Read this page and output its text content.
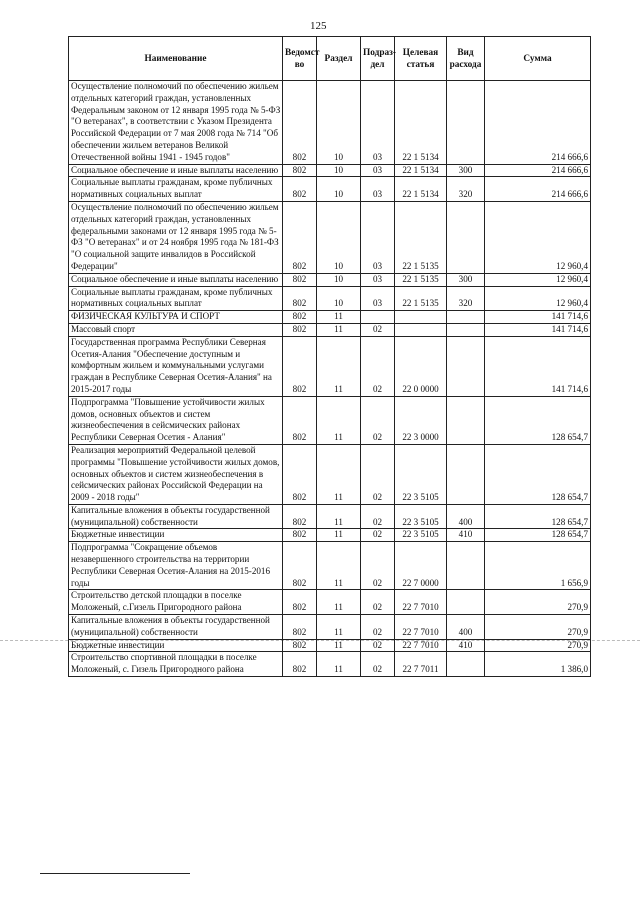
125
Наименование	Ведомст во	Раздел	Подраз- дел	Целевая статья	Вид расхода	Сумма
Осуществление полномочий по обеспечению жильем отдельных категорий граждан, установленных Федеральным законом от 12 января 1995 года № 5-ФЗ "О ветеранах", в соответствии с Указом Президента Российской Федерации от 7 мая 2008 года № 714 "Об обеспечении жильем ветеранов Великой Отечественной войны 1941 - 1945 годов"	802	10	03	22 1 5134		214 666,6
Социальное обеспечение и иные выплаты населению	802	10	03	22 1 5134	300	214 666,6
Социальные выплаты гражданам, кроме публичных нормативных социальных выплат	802	10	03	22 1 5134	320	214 666,6
Осуществление полномочий по обеспечению жильем отдельных категорий граждан, установленных федеральными законами от 12 января 1995 года № 5-ФЗ "О ветеранах" и от 24 ноября 1995 года № 181-ФЗ "О социальной защите инвалидов в Российской Федерации"	802	10	03	22 1 5135		12 960,4
Социальное обеспечение и иные выплаты населению	802	10	03	22 1 5135	300	12 960,4
Социальные выплаты гражданам, кроме публичных нормативных социальных выплат	802	10	03	22 1 5135	320	12 960,4
ФИЗИЧЕСКАЯ КУЛЬТУРА И СПОРТ	802	11				141 714,6
Массовый спорт	802	11	02			141 714,6
Государственная программа Республики Северная Осетия-Алания "Обеспечение доступным и комфортным жильем и коммунальными услугами граждан в Республике Северная Осетия-Алания" на 2015-2017 годы	802	11	02	22 0 0000		141 714,6
Подпрограмма "Повышение устойчивости жилых домов, основных объектов и систем жизнеобеспечения в сейсмических районах Республики Северная Осетия - Алания"	802	11	02	22 3 0000		128 654,7
Реализация мероприятий Федеральной целевой программы "Повышение устойчивости жилых домов, основных объектов и систем жизнеобеспечения в сейсмических районах Российской Федерации на 2009 - 2018 годы"	802	11	02	22 3 5105		128 654,7
Капитальные вложения в объекты государственной (муниципальной) собственности	802	11	02	22 3 5105	400	128 654,7
Бюджетные инвестиции	802	11	02	22 3 5105	410	128 654,7
Подпрограмма "Сокращение объемов незавершенного строительства на территории Республики Северная Осетия-Алания на 2015-2016 годы	802	11	02	22 7 0000		1 656,9
Строительство детской площадки в поселке Моложеный, с.Гизель Пригородного района	802	11	02	22 7 7010		270,9
Капитальные вложения в объекты государственной (муниципальной) собственности	802	11	02	22 7 7010	400	270,9
Бюджетные инвестиции	802	11	02	22 7 7010	410	270,9
Строительство спортивной площадки в поселке Моложеный, с. Гизель Пригородного района	802	11	02	22 7 7011		1 386,0
